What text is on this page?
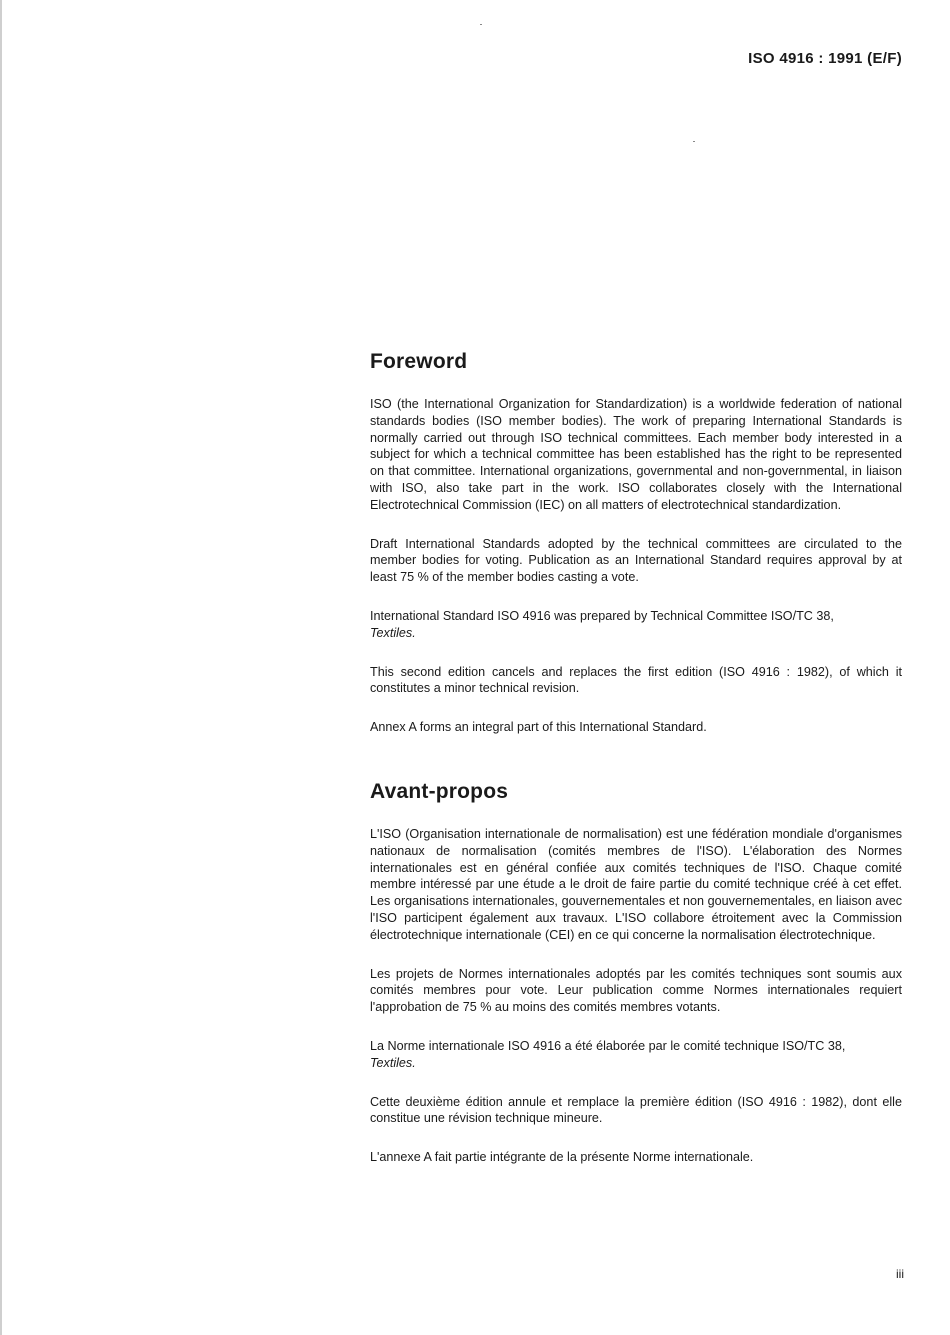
ISO 4916 : 1991 (E/F)
Foreword

ISO (the International Organization for Standardization) is a worldwide federation of national standards bodies (ISO member bodies). The work of preparing International Standards is normally carried out through ISO technical committees. Each member body interested in a subject for which a technical committee has been established has the right to be represented on that committee. International organizations, governmental and non-governmental, in liaison with ISO, also take part in the work. ISO collaborates closely with the International Electrotechnical Commission (IEC) on all matters of electrotechnical standardization.

Draft International Standards adopted by the technical committees are circulated to the member bodies for voting. Publication as an International Standard requires approval by at least 75 % of the member bodies casting a vote.

International Standard ISO 4916 was prepared by Technical Committee ISO/TC 38,
Textiles.

This second edition cancels and replaces the first edition (ISO 4916 : 1982), of which it constitutes a minor technical revision.

Annex A forms an integral part of this International Standard.

Avant-propos

L'ISO (Organisation internationale de normalisation) est une fédération mondiale d'organismes nationaux de normalisation (comités membres de l'ISO). L'élaboration des Normes internationales est en général confiée aux comités techniques de l'ISO. Chaque comité membre intéressé par une étude a le droit de faire partie du comité technique créé à cet effet. Les organisations internationales, gouvernementales et non gouvernementales, en liaison avec l'ISO participent également aux travaux. L'ISO collabore étroitement avec la Commission électrotechnique internationale (CEI) en ce qui concerne la normalisation électrotechnique.

Les projets de Normes internationales adoptés par les comités techniques sont soumis aux comités membres pour vote. Leur publication comme Normes internationales requiert l'approbation de 75 % au moins des comités membres votants.

La Norme internationale ISO 4916 a été élaborée par le comité technique ISO/TC 38,
Textiles.

Cette deuxième édition annule et remplace la première édition (ISO 4916 : 1982), dont elle constitue une révision technique mineure.

L'annexe A fait partie intégrante de la présente Norme internationale.

iii
